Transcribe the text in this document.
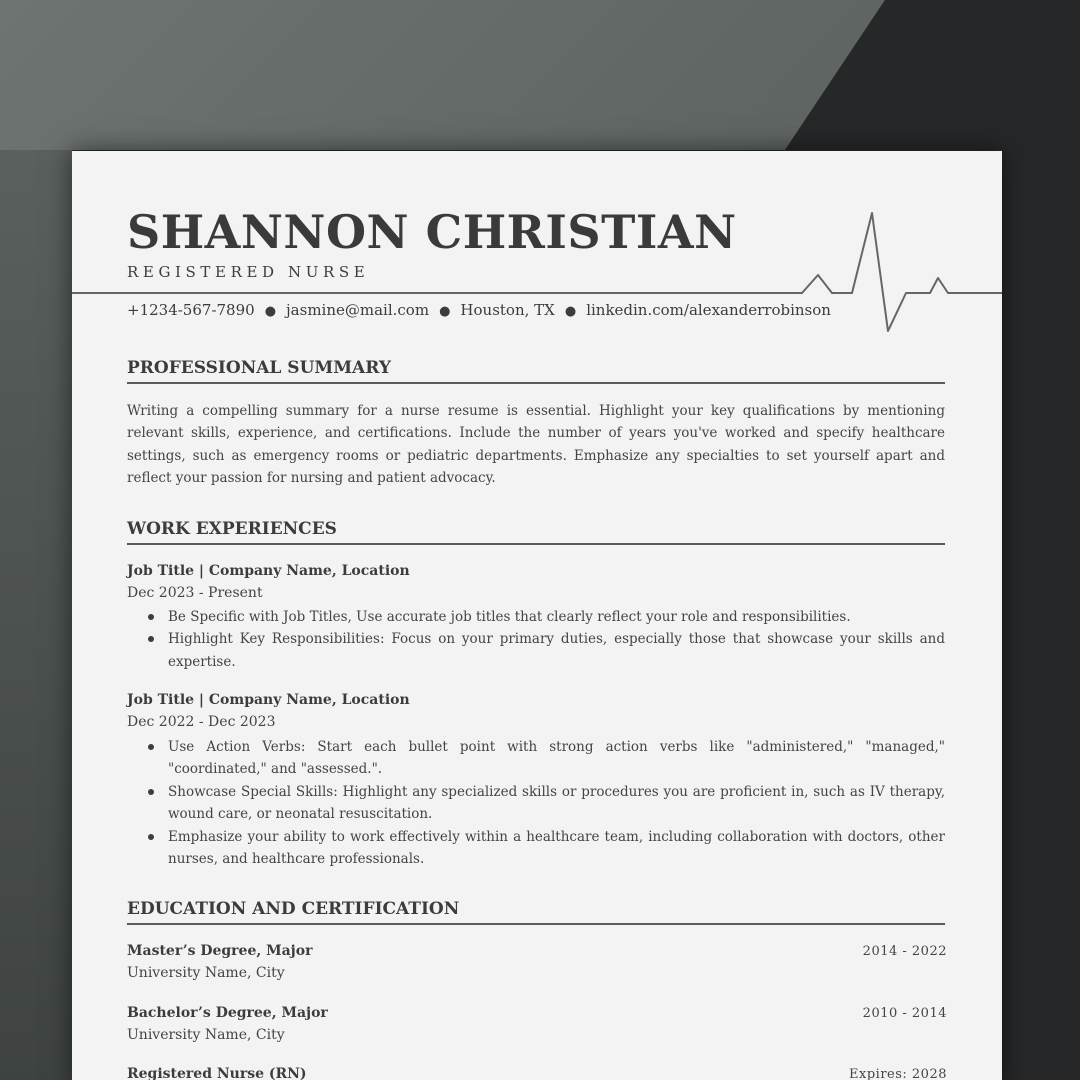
SHANNON CHRISTIAN

REGISTERED NURSE

+1234-567-7890 ● jasmine@mail.com ● Houston, TX ● linkedin.com/alexanderrobinson
PROFESSIONAL SUMMARY

Writing a compelling summary for a nurse resume is essential. Highlight your key qualifications by mentioning relevant skills, experience, and certifications. Include the number of years you've worked and specify healthcare settings, such as emergency rooms or pediatric departments. Emphasize any specialties to set yourself apart and reflect your passion for nursing and patient advocacy.

WORK EXPERIENCES

Job Title | Company Name, Location

Dec 2023 - Present

Be Specific with Job Titles, Use accurate job titles that clearly reflect your role and responsibilities.
Highlight Key Responsibilities: Focus on your primary duties, especially those that showcase your skills and expertise.

Job Title | Company Name, Location

Dec 2022 - Dec 2023

Use Action Verbs: Start each bullet point with strong action verbs like "administered," "managed," "coordinated," and "assessed.".
Showcase Special Skills: Highlight any specialized skills or procedures you are proficient in, such as IV therapy, wound care, or neonatal resuscitation.
Emphasize your ability to work effectively within a healthcare team, including collaboration with doctors, other nurses, and healthcare professionals.
EDUCATION AND CERTIFICATION

Master’s Degree, Major	2014 - 2022

University Name, City

Bachelor’s Degree, Major	2010 - 2014

University Name, City

Registered Nurse (RN)	Expires: 2028
